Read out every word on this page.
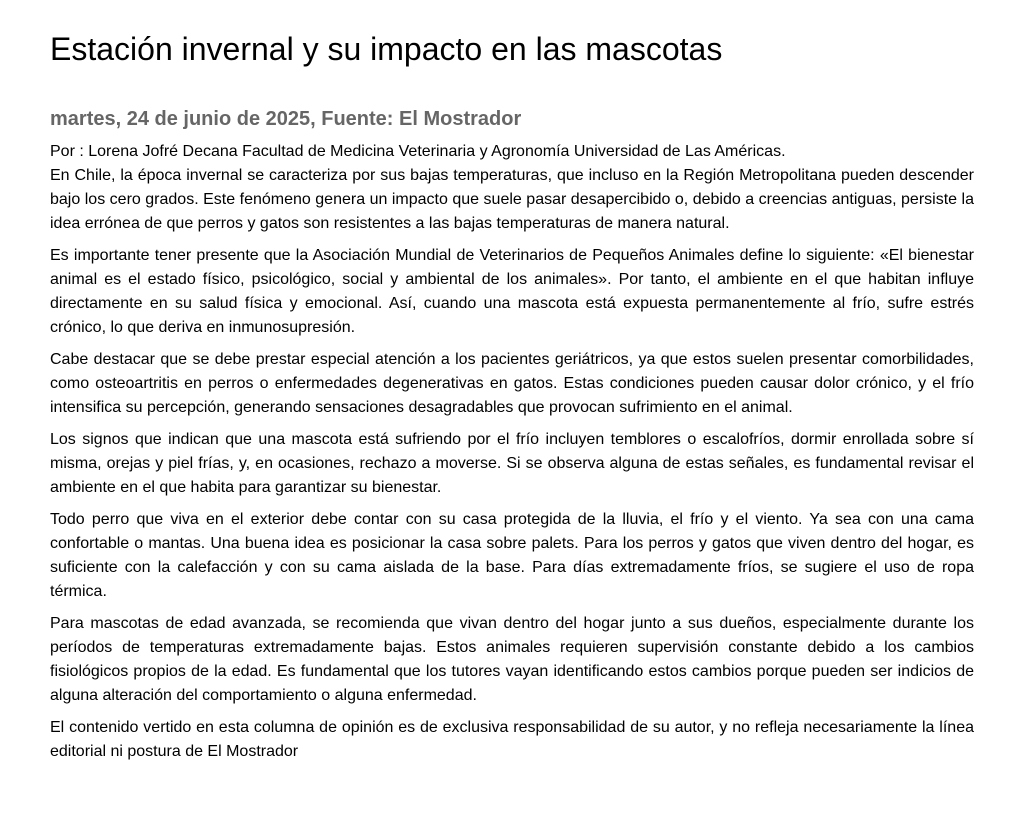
Estación invernal y su impacto en las mascotas
martes, 24 de junio de 2025, Fuente: El Mostrador

Por : Lorena Jofré Decana Facultad de Medicina Veterinaria y Agronomía Universidad de Las Américas.

En Chile, la época invernal se caracteriza por sus bajas temperaturas, que incluso en la Región Metropolitana pueden descender bajo los cero grados. Este fenómeno genera un impacto que suele pasar desapercibido o, debido a creencias antiguas, persiste la idea errónea de que perros y gatos son resistentes a las bajas temperaturas de manera natural.

Es importante tener presente que la Asociación Mundial de Veterinarios de Pequeños Animales define lo siguiente: «El bienestar animal es el estado físico, psicológico, social y ambiental de los animales». Por tanto, el ambiente en el que habitan influye directamente en su salud física y emocional. Así, cuando una mascota está expuesta permanentemente al frío, sufre estrés crónico, lo que deriva en inmunosupresión.

Cabe destacar que se debe prestar especial atención a los pacientes geriátricos, ya que estos suelen presentar comorbilidades, como osteoartritis en perros o enfermedades degenerativas en gatos. Estas condiciones pueden causar dolor crónico, y el frío intensifica su percepción, generando sensaciones desagradables que provocan sufrimiento en el animal.

Los signos que indican que una mascota está sufriendo por el frío incluyen temblores o escalofríos, dormir enrollada sobre sí misma, orejas y piel frías, y, en ocasiones, rechazo a moverse. Si se observa alguna de estas señales, es fundamental revisar el ambiente en el que habita para garantizar su bienestar.

Todo perro que viva en el exterior debe contar con su casa protegida de la lluvia, el frío y el viento. Ya sea con una cama confortable o mantas. Una buena idea es posicionar la casa sobre palets. Para los perros y gatos que viven dentro del hogar, es suficiente con la calefacción y con su cama aislada de la base. Para días extremadamente fríos, se sugiere el uso de ropa térmica.

Para mascotas de edad avanzada, se recomienda que vivan dentro del hogar junto a sus dueños, especialmente durante los períodos de temperaturas extremadamente bajas. Estos animales requieren supervisión constante debido a los cambios fisiológicos propios de la edad. Es fundamental que los tutores vayan identificando estos cambios porque pueden ser indicios de alguna alteración del comportamiento o alguna enfermedad.

El contenido vertido en esta columna de opinión es de exclusiva responsabilidad de su autor, y no refleja necesariamente la línea editorial ni postura de El Mostrador
